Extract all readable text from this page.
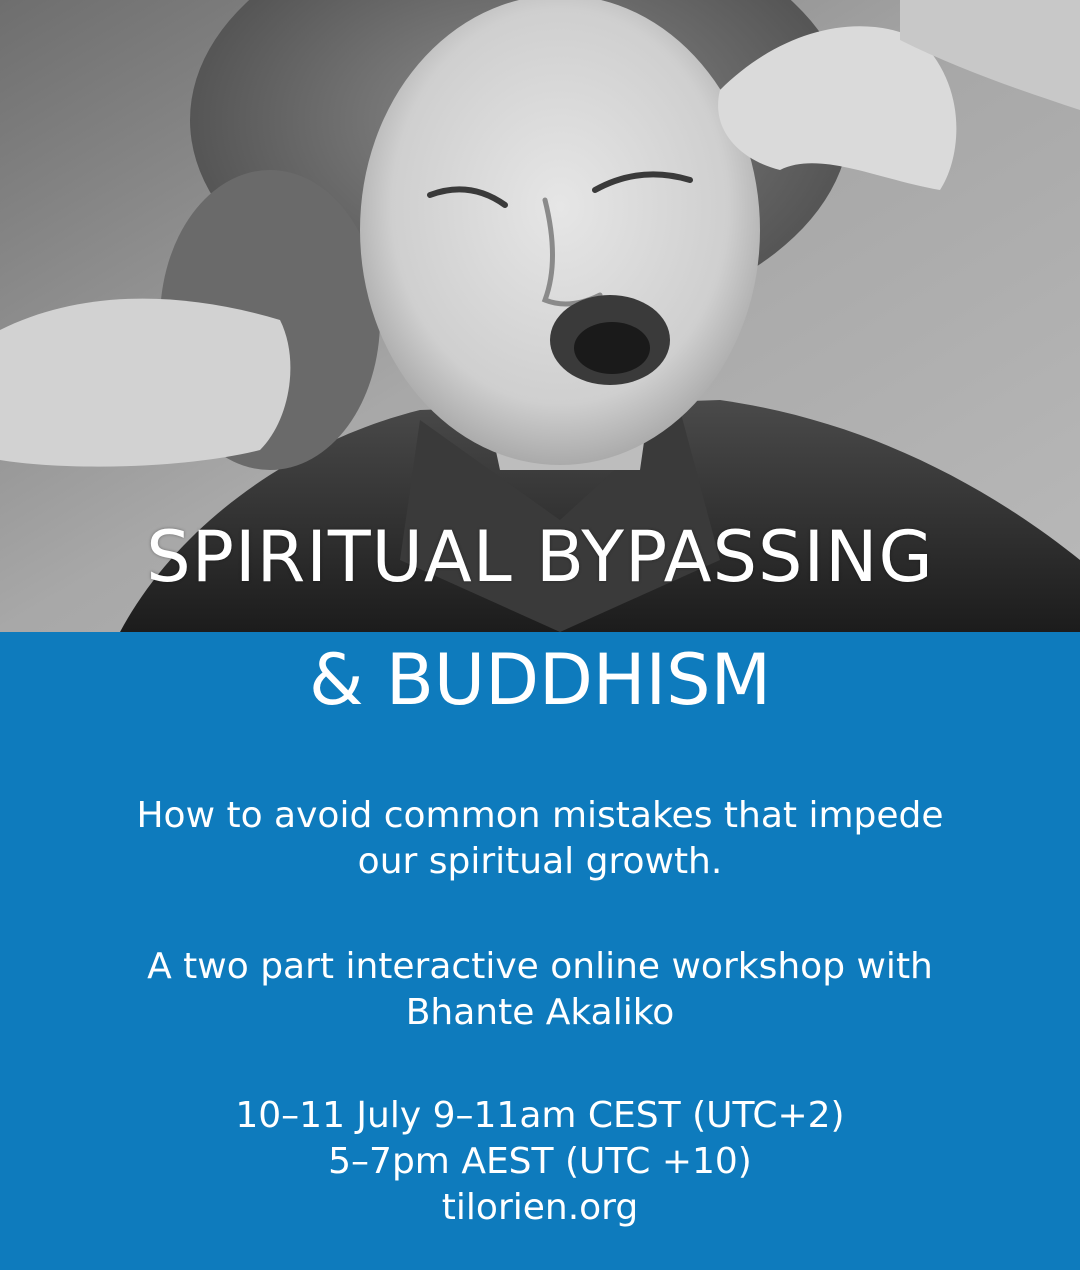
SPIRITUAL BYPASSING
& BUDDHISM
How to avoid common mistakes that impede
our spiritual growth.
A two part interactive online workshop with
Bhante Akaliko
10–11 July 9–11am CEST (UTC+2)
5–7pm AEST (UTC +10)
tilorien.org
